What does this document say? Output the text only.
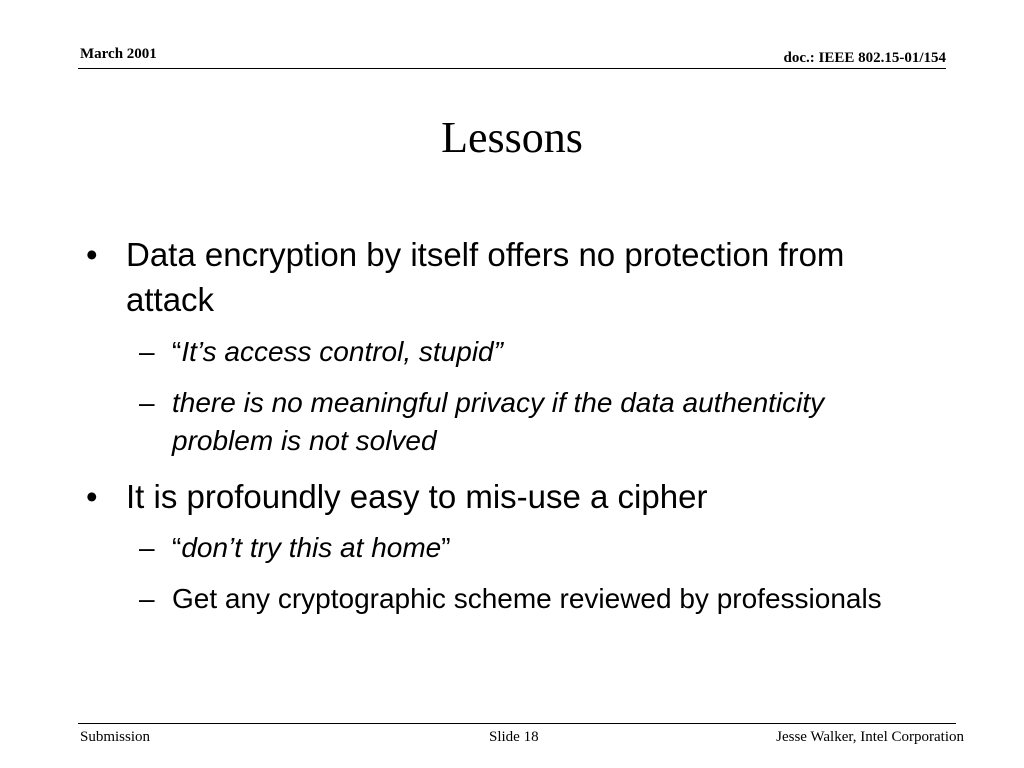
March 2001	doc.: IEEE 802.15-01/154
Lessons
• Data encryption by itself offers no protection from attack
– “It’s access control, stupid”
– there is no meaningful privacy if the data authenticity problem is not solved
• It is profoundly easy to mis-use a cipher
– “don’t try this at home”
– Get any cryptographic scheme reviewed by professionals
Submission	Slide 18	Jesse Walker, Intel Corporation
